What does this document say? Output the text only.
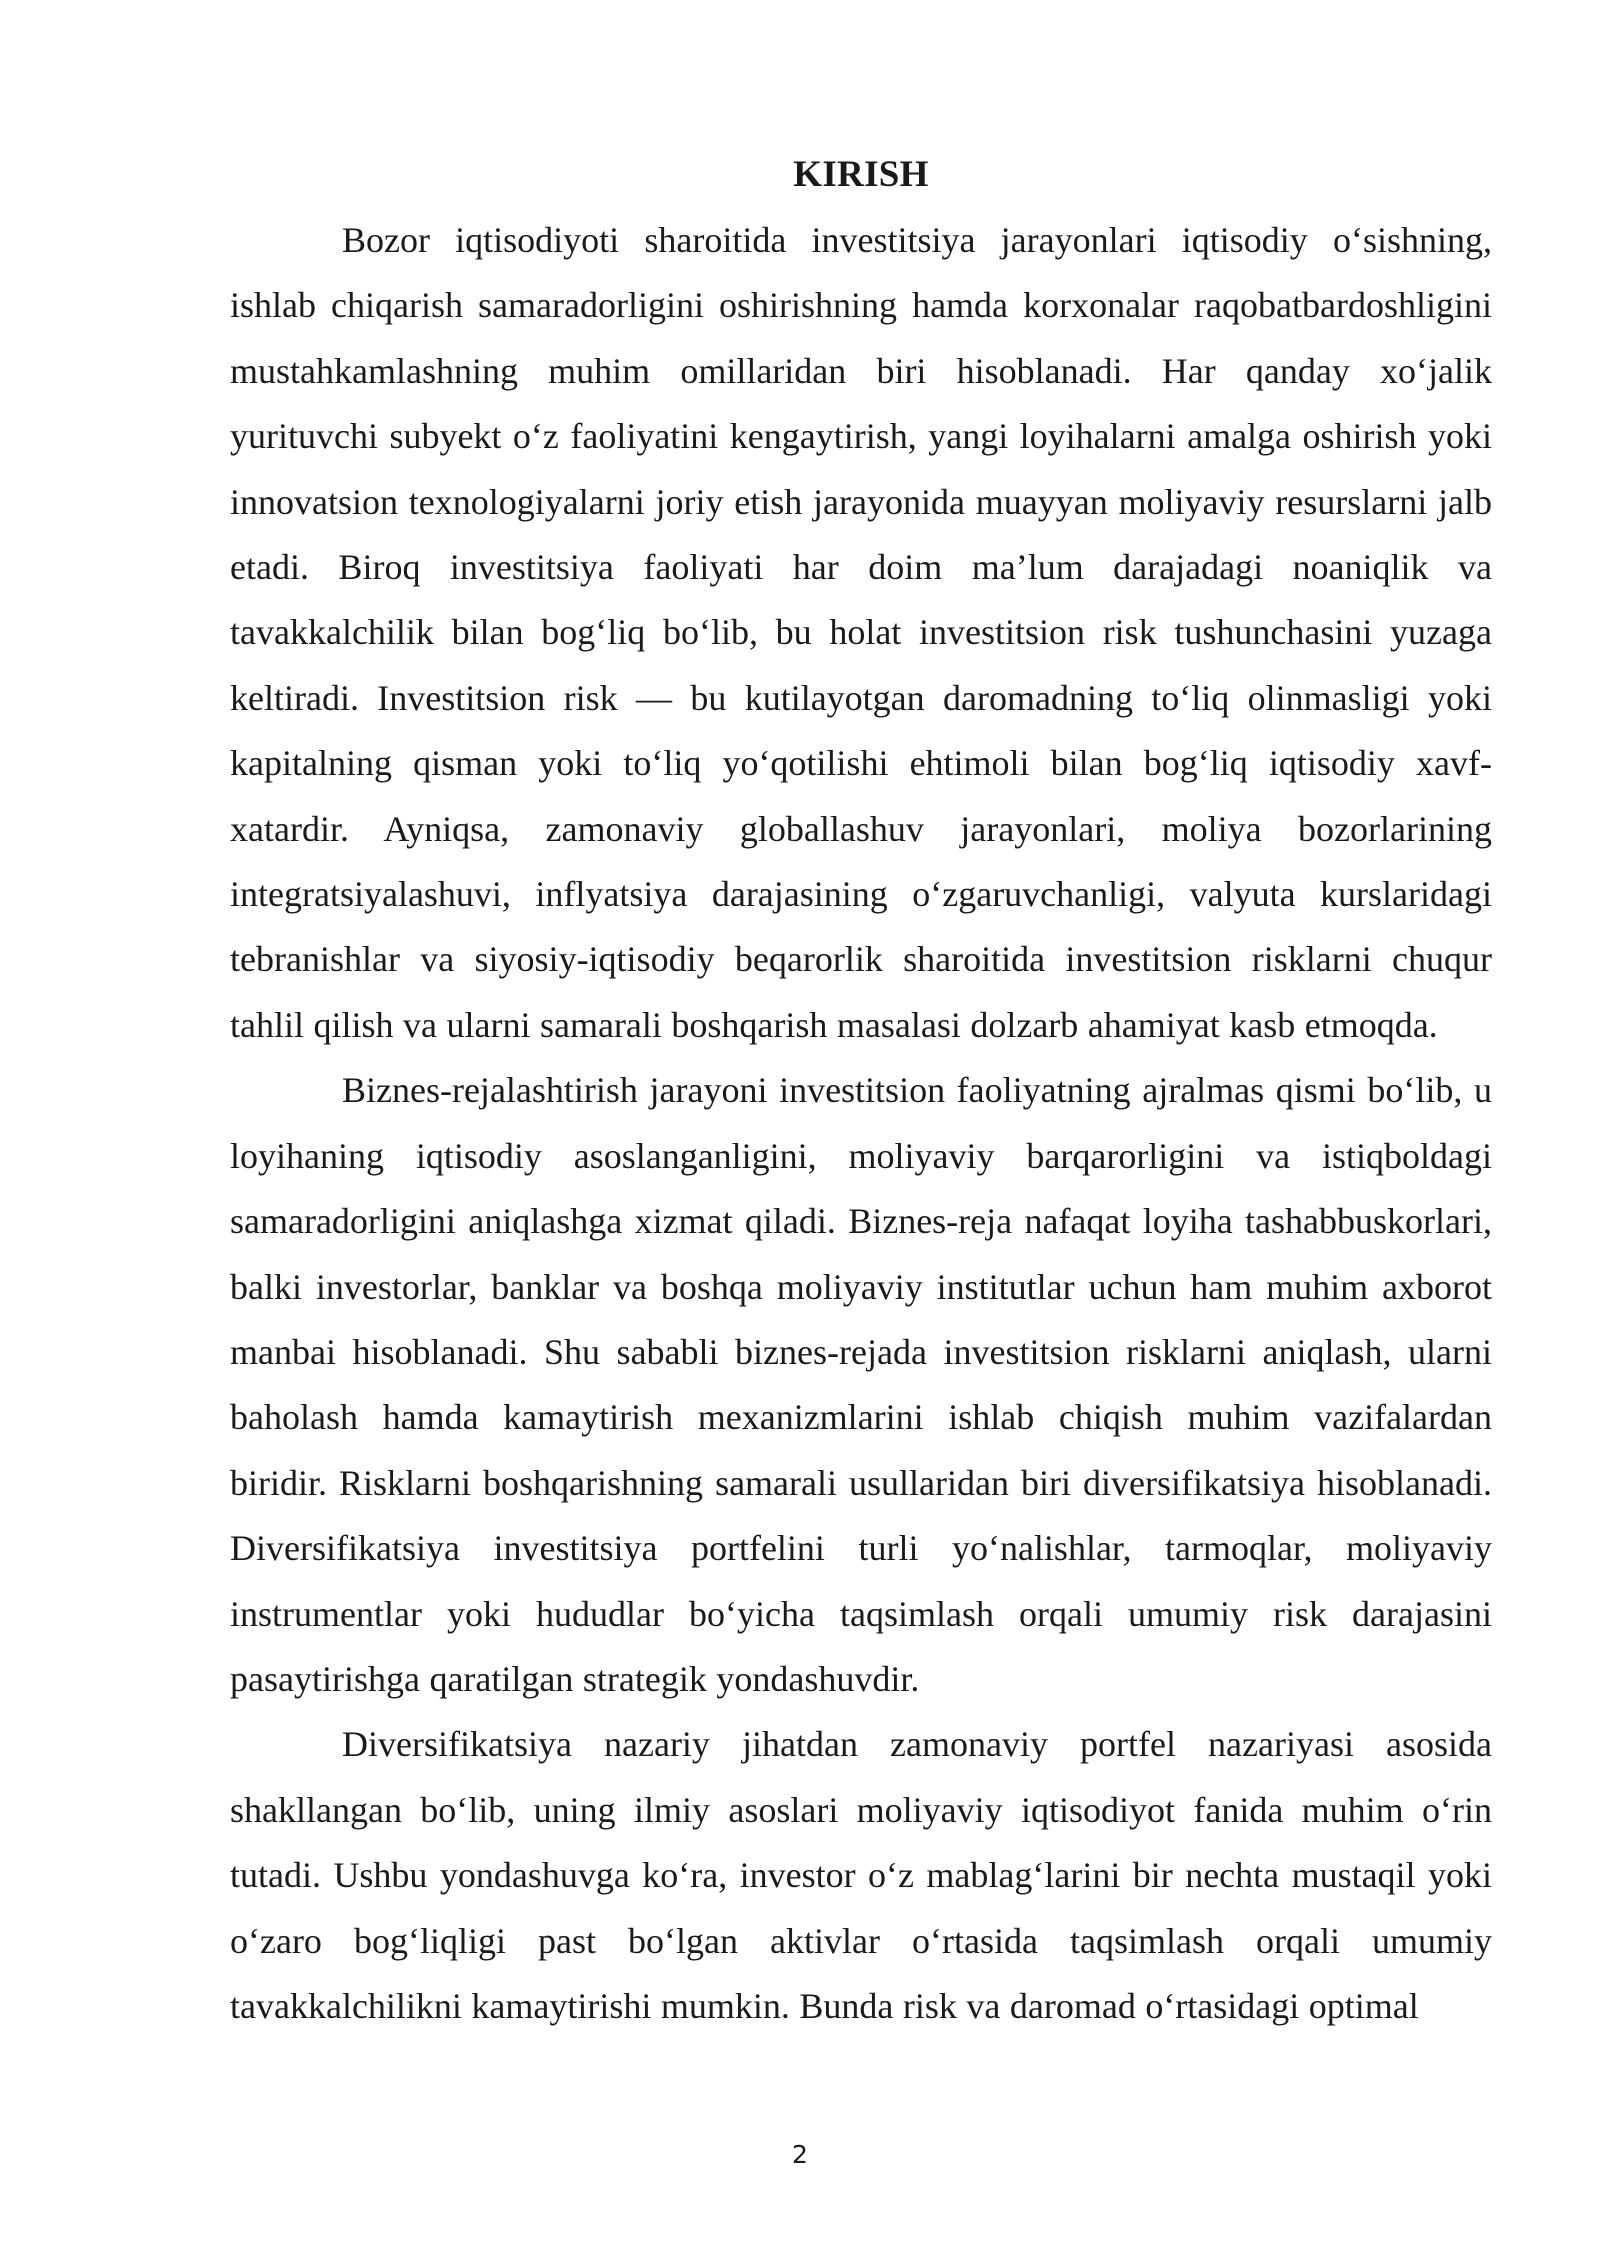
KIRISH

Bozor iqtisodiyoti sharoitida investitsiya jarayonlari iqtisodiy o‘sishning, ishlab chiqarish samaradorligini oshirishning hamda korxonalar raqobatbardoshligini mustahkamlashning muhim omillaridan biri hisoblanadi. Har qanday xo‘jalik yurituvchi subyekt o‘z faoliyatini kengaytirish, yangi loyihalarni amalga oshirish yoki innovatsion texnologiyalarni joriy etish jarayonida muayyan moliyaviy resurslarni jalb etadi. Biroq investitsiya faoliyati har doim ma’lum darajadagi noaniqlik va tavakkalchilik bilan bog‘liq bo‘lib, bu holat investitsion risk tushunchasini yuzaga keltiradi. Investitsion risk — bu kutilayotgan daromadning to‘liq olinmasligi yoki kapitalning qisman yoki to‘liq yo‘qotilishi ehtimoli bilan bog‘liq iqtisodiy xavf-xatardir. Ayniqsa, zamonaviy globallashuv jarayonlari, moliya bozorlarining integratsiyalashuvi, inflyatsiya darajasining o‘zgaruvchanligi, valyuta kurslaridagi tebranishlar va siyosiy-iqtisodiy beqarorlik sharoitida investitsion risklarni chuqur tahlil qilish va ularni samarali boshqarish masalasi dolzarb ahamiyat kasb etmoqda.

Biznes-rejalashtirish jarayoni investitsion faoliyatning ajralmas qismi bo‘lib, u loyihaning iqtisodiy asoslanganligini, moliyaviy barqarorligini va istiqboldagi samaradorligini aniqlashga xizmat qiladi. Biznes-reja nafaqat loyiha tashabbuskorlari, balki investorlar, banklar va boshqa moliyaviy institutlar uchun ham muhim axborot manbai hisoblanadi. Shu sababli biznes-rejada investitsion risklarni aniqlash, ularni baholash hamda kamaytirish mexanizmlarini ishlab chiqish muhim vazifalardan biridir. Risklarni boshqarishning samarali usullaridan biri diversifikatsiya hisoblanadi. Diversifikatsiya investitsiya portfelini turli yo‘nalishlar, tarmoqlar, moliyaviy instrumentlar yoki hududlar bo‘yicha taqsimlash orqali umumiy risk darajasini pasaytirishga qaratilgan strategik yondashuvdir.

Diversifikatsiya nazariy jihatdan zamonaviy portfel nazariyasi asosida shakllangan bo‘lib, uning ilmiy asoslari moliyaviy iqtisodiyot fanida muhim o‘rin tutadi. Ushbu yondashuvga ko‘ra, investor o‘z mablag‘larini bir nechta mustaqil yoki o‘zaro bog‘liqligi past bo‘lgan aktivlar o‘rtasida taqsimlash orqali umumiy tavakkalchilikni kamaytirishi mumkin. Bunda risk va daromad o‘rtasidagi optimal

2
